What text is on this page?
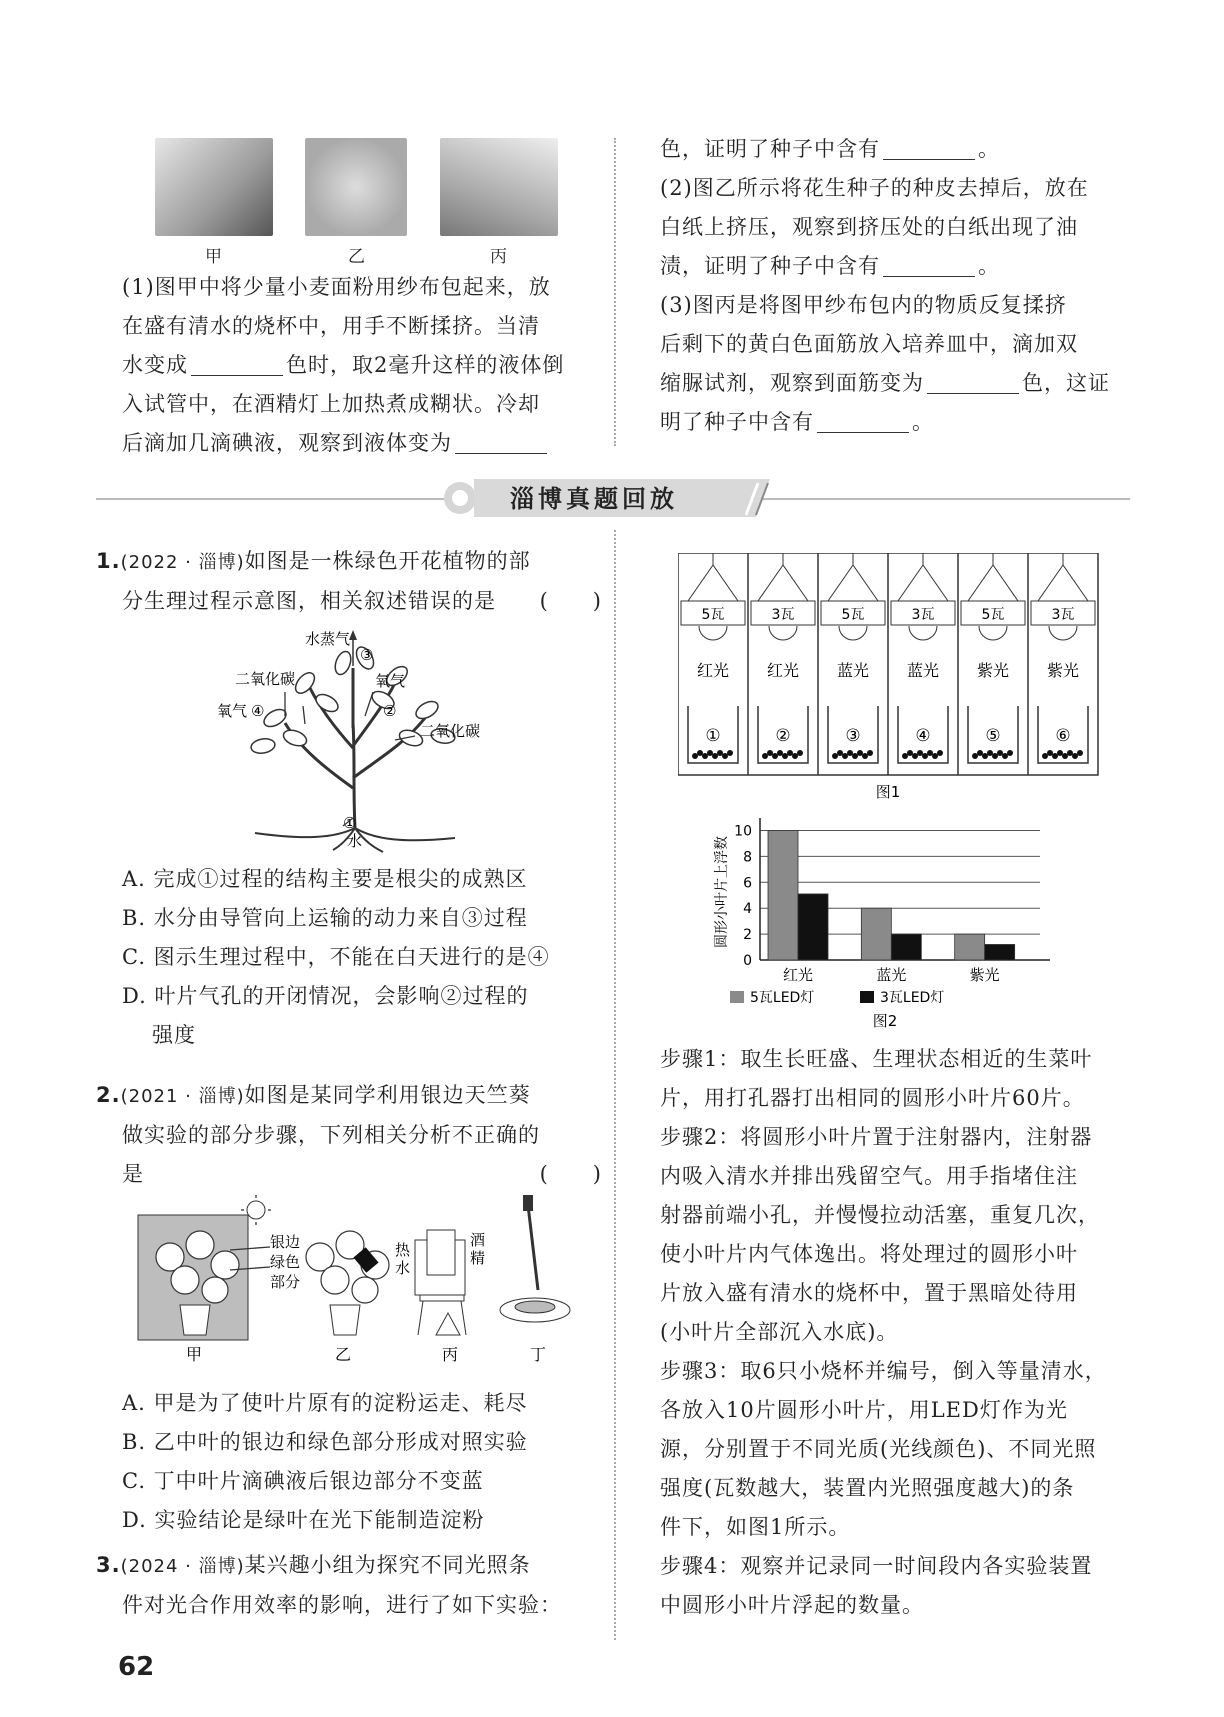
甲	乙	丙
(1)图甲中将少量小麦面粉用纱布包起来，放
在盛有清水的烧杯中，用手不断揉挤。当清
水变成	色时，取2毫升这样的液体倒
入试管中，在酒精灯上加热煮成糊状。冷却
后滴加几滴碘液，观察到液体变为
色，证明了种子中含有	。
(2)图乙所示将花生种子的种皮去掉后，放在
白纸上挤压，观察到挤压处的白纸出现了油
渍，证明了种子中含有	。
(3)图丙是将图甲纱布包内的物质反复揉挤
后剩下的黄白色面筋放入培养皿中，滴加双
缩脲试剂，观察到面筋变为	色，这证
明了种子中含有	。
淄博真题回放
1.(2022 · 淄博)如图是一株绿色开花植物的部
分生理过程示意图，相关叙述错误的是 (　　)
水蒸气
③
二氧化碳	氧气
氧气 ④	②
二氧化碳
①
水
A. 完成①过程的结构主要是根尖的成熟区
B. 水分由导管向上运输的动力来自③过程
C. 图示生理过程中，不能在白天进行的是④
D. 叶片气孔的开闭情况，会影响②过程的
强度
2.(2021 · 淄博)如图是某同学利用银边天竺葵
做实验的部分步骤，下列相关分析不正确的
是	(　　)
银边
绿色
部分
热
水
酒
精
甲	乙	丙	丁
A. 甲是为了使叶片原有的淀粉运走、耗尽
B. 乙中叶的银边和绿色部分形成对照实验
C. 丁中叶片滴碘液后银边部分不变蓝
D. 实验结论是绿叶在光下能制造淀粉
3.(2024 · 淄博)某兴趣小组为探究不同光照条
件对光合作用效率的影响，进行了如下实验：
5瓦
红光
①
3瓦
红光
②
5瓦
蓝光
③
3瓦
蓝光
④
5瓦
紫光
⑤
3瓦
紫光
⑥
图1
0
2
4
6
8
10
圆形小叶片上浮数
红光	蓝光	紫光
5瓦LED灯	3瓦LED灯
图2
步骤1：取生长旺盛、生理状态相近的生菜叶
片，用打孔器打出相同的圆形小叶片60片。
步骤2：将圆形小叶片置于注射器内，注射器
内吸入清水并排出残留空气。用手指堵住注
射器前端小孔，并慢慢拉动活塞，重复几次，
使小叶片内气体逸出。将处理过的圆形小叶
片放入盛有清水的烧杯中，置于黑暗处待用
(小叶片全部沉入水底)。
步骤3：取6只小烧杯并编号，倒入等量清水，
各放入10片圆形小叶片，用LED灯作为光
源，分别置于不同光质(光线颜色)、不同光照
强度(瓦数越大，装置内光照强度越大)的条
件下，如图1所示。
步骤4：观察并记录同一时间段内各实验装置
中圆形小叶片浮起的数量。
62
